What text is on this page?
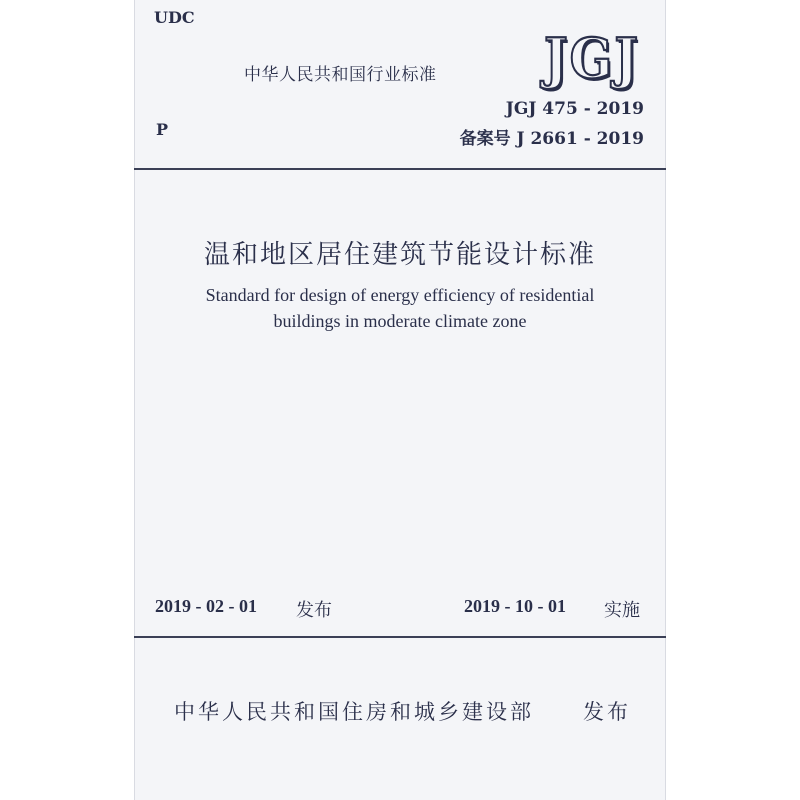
UDC
P
中华人民共和国行业标准 JGJ
JGJ 475 - 2019
备案号 J 2661 - 2019
温和地区居住建筑节能设计标准
Standard for design of energy efficiency of residential
buildings in moderate climate zone
2019 - 02 - 01 发布	2019 - 10 - 01 实施
中华人民共和国住房和城乡建设部 发布
